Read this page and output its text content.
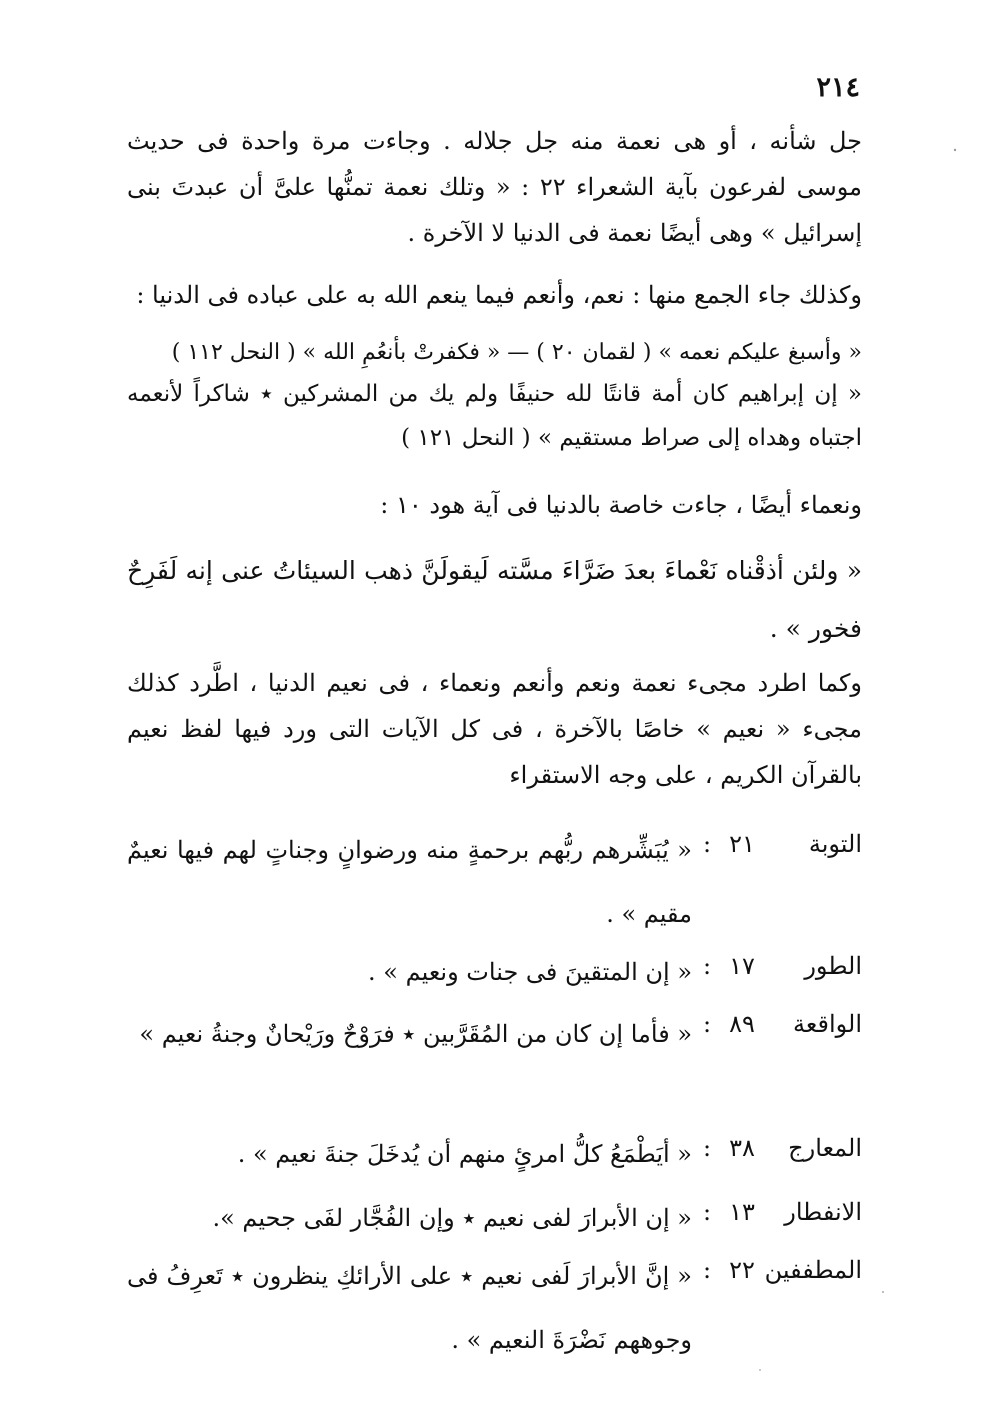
٢١٤
جل شأنه ، أو هى نعمة منه جل جلاله . وجاءت مرة واحدة فى حديث موسى لفرعون بآية الشعراء ٢٢ : « وتلك نعمة تمنُّها علىَّ أن عبدتَ بنى إسرائيل » وهى أيضًا نعمة فى الدنيا لا الآخرة .
وكذلك جاء الجمع منها : نعم، وأنعم فيما ينعم الله به على عباده فى الدنيا :
« وأسبغ عليكم نعمه » ( لقمان ٢٠ ) — « فكفرتْ بأنعُمِ الله » ( النحل ١١٢ )
« إن إبراهيم كان أمة قانتًا لله حنيفًا ولم يك من المشركين ٭ شاكراً لأنعمه اجتباه وهداه إلى صراط مستقيم » ( النحل ١٢١ )
ونعماء أيضًا ، جاءت خاصة بالدنيا فى آية هود ١٠ :
« ولئن أذقْناه نَعْماءَ بعدَ ضَرَّاءَ مسَّته لَيقولَنَّ ذهب السيئاتُ عنى إنه لَفَرِحٌ فخور » .
وكما اطرد مجىء نعمة ونعم وأنعم ونعماء ، فى نعيم الدنيا ، اطَّرد كذلك مجىء « نعيم » خاصًا بالآخرة ، فى كل الآيات التى ورد فيها لفظ نعيم بالقرآن الكريم ، على وجه الاستقراء
التوبة
٢١
:
« يُبَشِّرهم ربُّهم برحمةٍ منه ورضوانٍ وجناتٍ لهم فيها نعيمٌ مقيم » .
الطور
١٧
:
« إن المتقينَ فى جنات ونعيم » .
الواقعة
٨٩
:
« فأما إن كان من المُقَرَّبين ٭ فرَوْحٌ ورَيْحانٌ وجنةُ نعيم »
المعارج
٣٨
:
« أيَطْمَعُ كلُّ امرئٍ منهم أن يُدخَلَ جنةَ نعيم » .
الانفطار
١٣
:
« إن الأبرارَ لفى نعيم ٭ وإن الفُجَّار لفَى جحيم ».
المطففين
٢٢
:
« إنَّ الأبرارَ لَفى نعيم ٭ على الأرائكِ ينظرون ٭ تَعرِفُ فى وجوههم نَضْرَةَ النعيم » .
